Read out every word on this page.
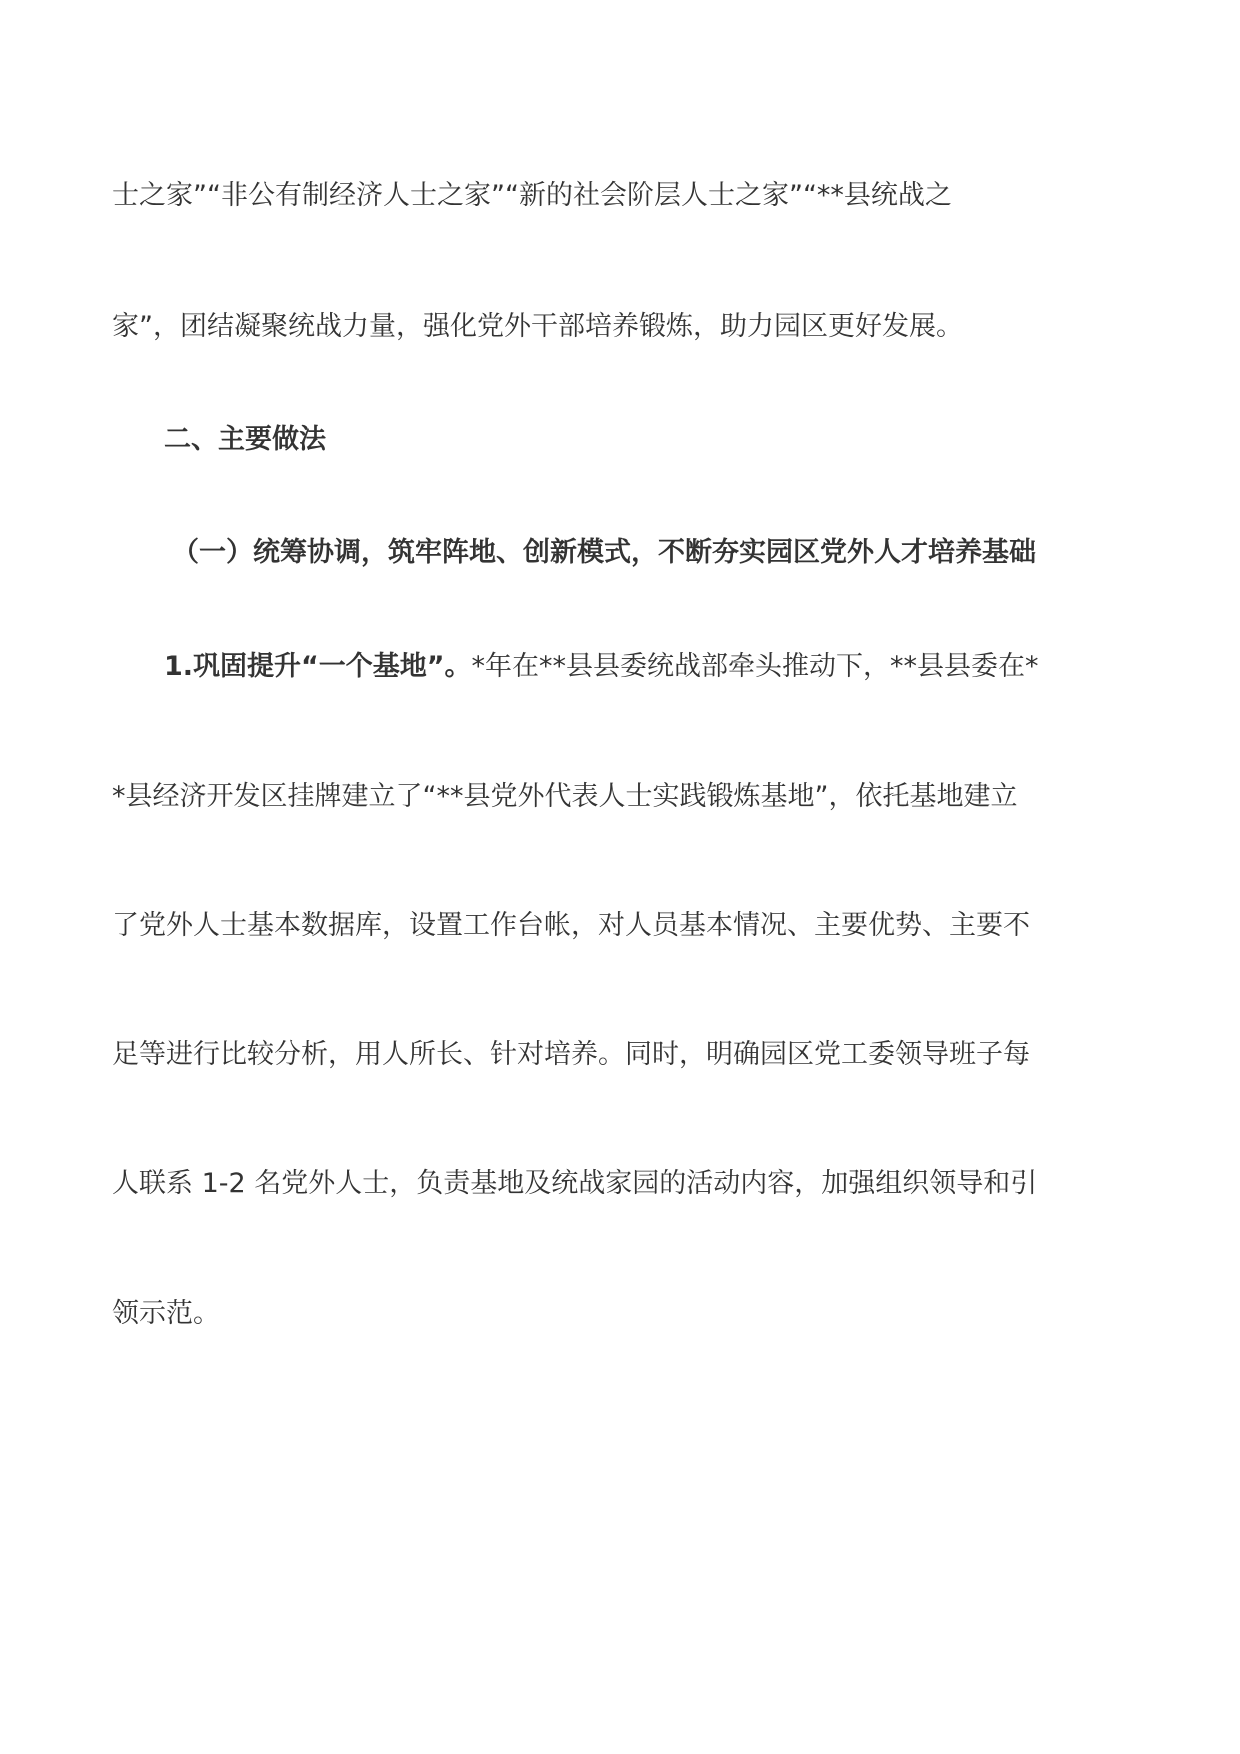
士之家”“非公有制经济人士之家”“新的社会阶层人士之家”“**县统战之
家”，团结凝聚统战力量，强化党外干部培养锻炼，助力园区更好发展。
二、主要做法
（一）统筹协调，筑牢阵地、创新模式，不断夯实园区党外人才培养基础
1.巩固提升“一个基地”。*年在**县县委统战部牵头推动下，**县县委在*
*县经济开发区挂牌建立了“**县党外代表人士实践锻炼基地”，依托基地建立
了党外人士基本数据库，设置工作台帐，对人员基本情况、主要优势、主要不
足等进行比较分析，用人所长、针对培养。同时，明确园区党工委领导班子每
人联系 1-2 名党外人士，负责基地及统战家园的活动内容，加强组织领导和引
领示范。
